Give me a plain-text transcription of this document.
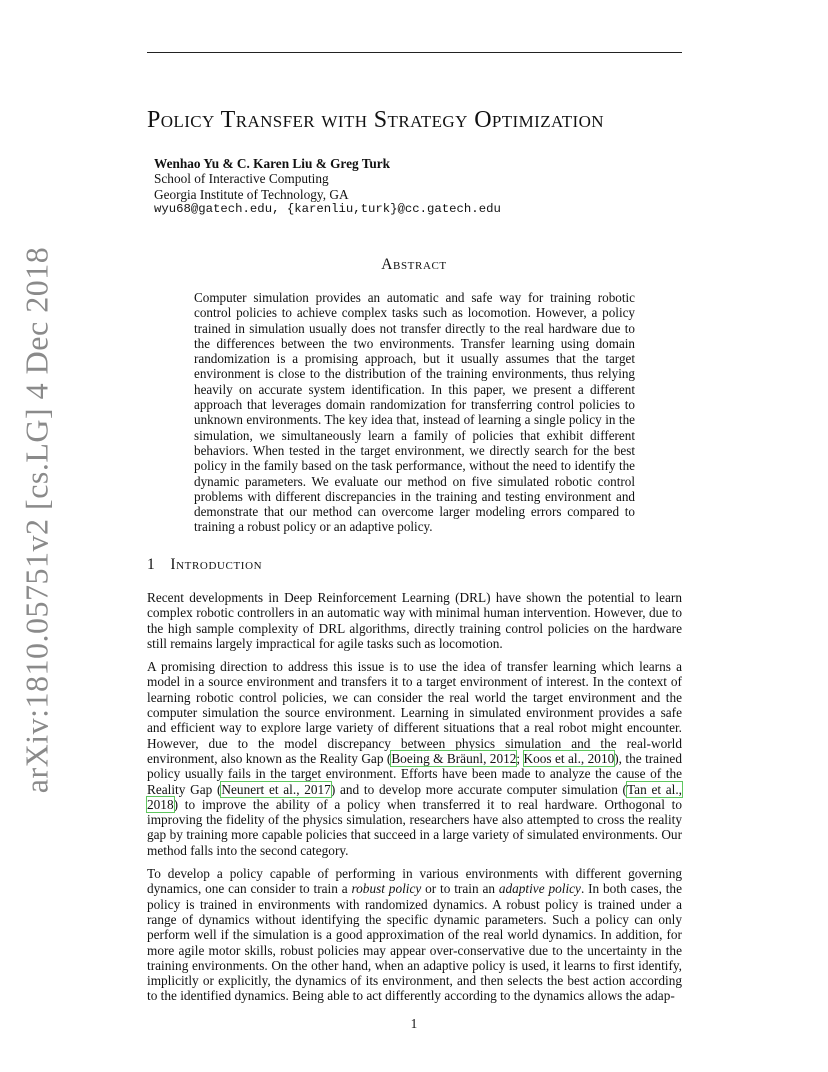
arXiv:1810.05751v2 [cs.LG] 4 Dec 2018
Policy Transfer with Strategy Optimization
Wenhao Yu & C. Karen Liu & Greg Turk
School of Interactive Computing
Georgia Institute of Technology, GA
wyu68@gatech.edu, {karenliu,turk}@cc.gatech.edu
Abstract
Computer simulation provides an automatic and safe way for training robotic control policies to achieve complex tasks such as locomotion. However, a policy trained in simulation usually does not transfer directly to the real hardware due to the differences between the two environments. Transfer learning using domain randomization is a promising approach, but it usually assumes that the target environment is close to the distribution of the training environments, thus relying heavily on accurate system identification. In this paper, we present a different approach that leverages domain randomization for transferring control policies to unknown environments. The key idea that, instead of learning a single policy in the simulation, we simultaneously learn a family of policies that exhibit different behaviors. When tested in the target environment, we directly search for the best policy in the family based on the task performance, without the need to identify the dynamic parameters. We evaluate our method on five simulated robotic control problems with different discrepancies in the training and testing environment and demonstrate that our method can overcome larger modeling errors compared to training a robust policy or an adaptive policy.
1 Introduction

Recent developments in Deep Reinforcement Learning (DRL) have shown the potential to learn complex robotic controllers in an automatic way with minimal human intervention. However, due to the high sample complexity of DRL algorithms, directly training control policies on the hardware still remains largely impractical for agile tasks such as locomotion.

A promising direction to address this issue is to use the idea of transfer learning which learns a model in a source environment and transfers it to a target environment of interest. In the context of learning robotic control policies, we can consider the real world the target environment and the computer simulation the source environment. Learning in simulated environment provides a safe and efficient way to explore large variety of different situations that a real robot might encounter. However, due to the model discrepancy between physics simulation and the real-world environment, also known as the Reality Gap (Boeing & Bräunl, 2012; Koos et al., 2010), the trained policy usually fails in the target environment. Efforts have been made to analyze the cause of the Reality Gap (Neunert et al., 2017) and to develop more accurate computer simulation (Tan et al., 2018) to improve the ability of a policy when transferred it to real hardware. Orthogonal to improving the fidelity of the physics simulation, researchers have also attempted to cross the reality gap by training more capable policies that succeed in a large variety of simulated environments. Our method falls into the second category.

To develop a policy capable of performing in various environments with different governing dynamics, one can consider to train a robust policy or to train an adaptive policy. In both cases, the policy is trained in environments with randomized dynamics. A robust policy is trained under a range of dynamics without identifying the specific dynamic parameters. Such a policy can only perform well if the simulation is a good approximation of the real world dynamics. In addition, for more agile motor skills, robust policies may appear over-conservative due to the uncertainty in the training environments. On the other hand, when an adaptive policy is used, it learns to first identify, implicitly or explicitly, the dynamics of its environment, and then selects the best action according to the identified dynamics. Being able to act differently according to the dynamics allows the adap-

1
